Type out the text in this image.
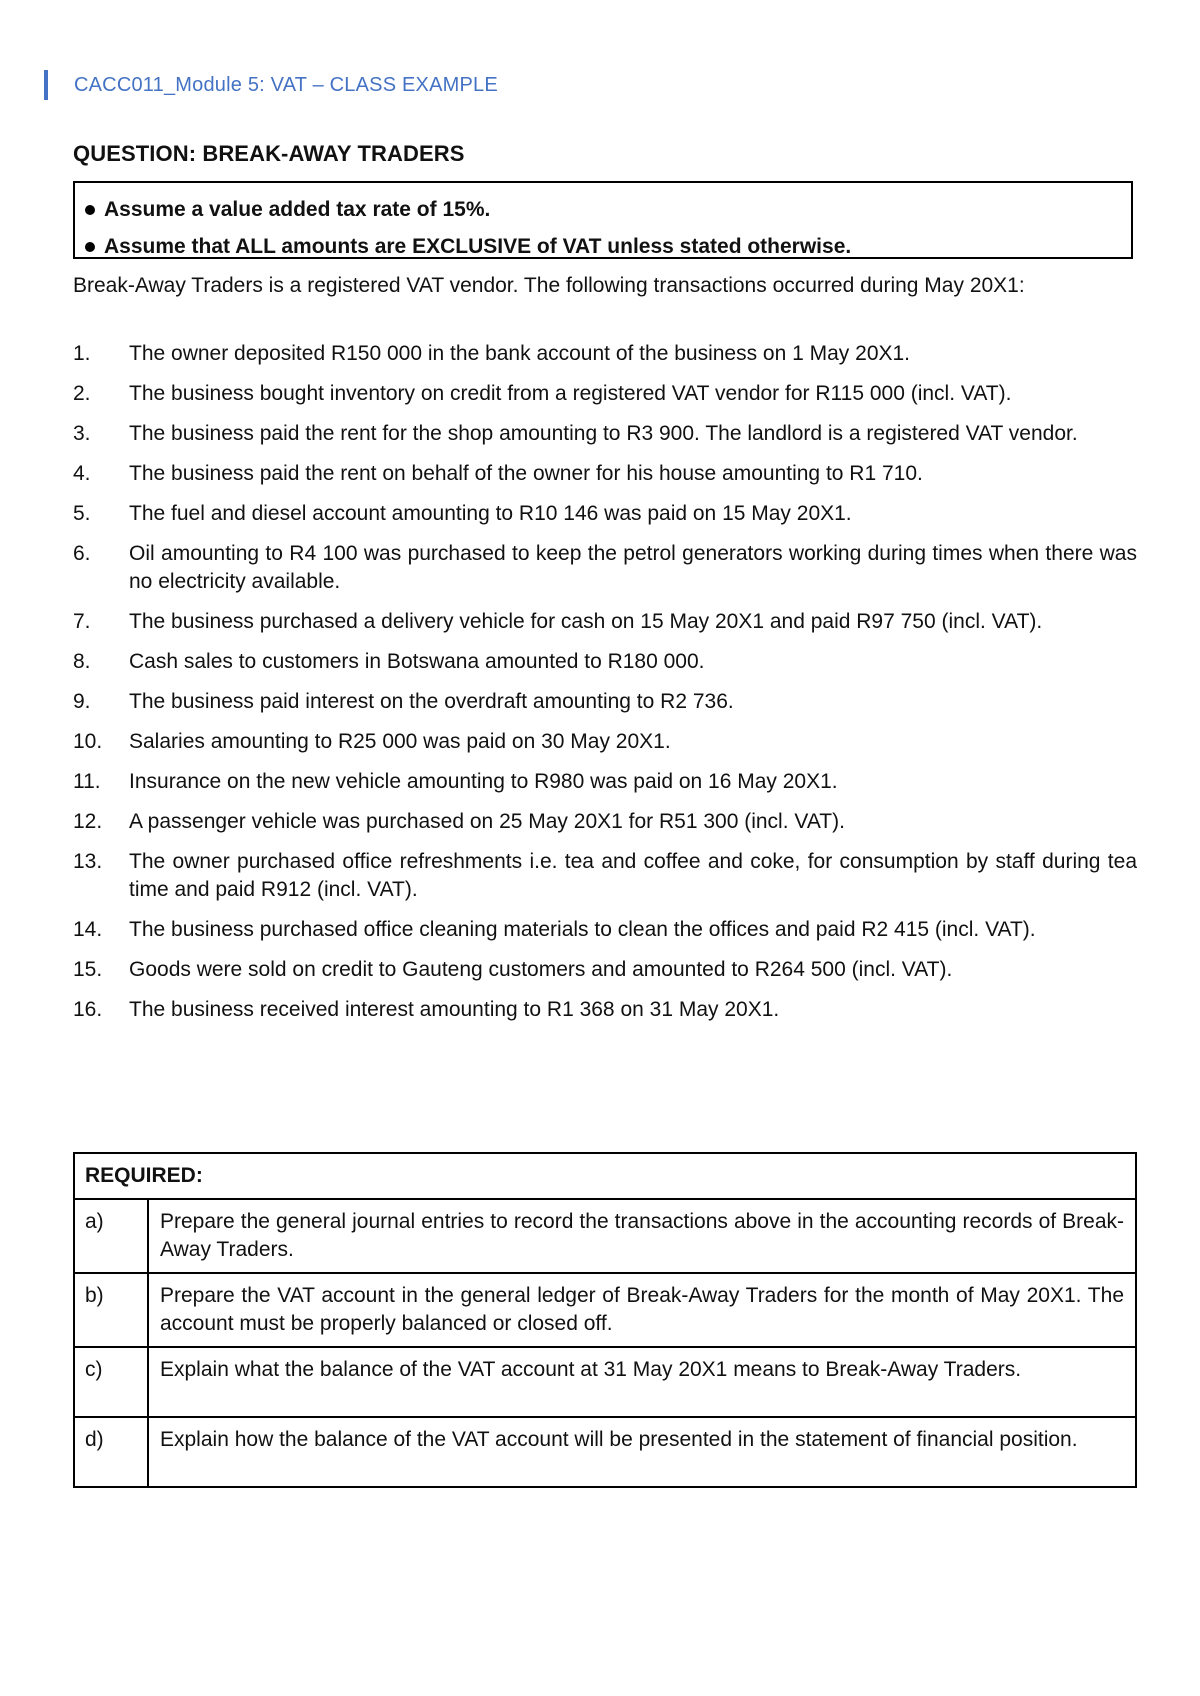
CACC011_Module 5: VAT – CLASS EXAMPLE
QUESTION: BREAK-AWAY TRADERS
Assume a value added tax rate of 15%.
Assume that ALL amounts are EXCLUSIVE of VAT unless stated otherwise.
Break-Away Traders is a registered VAT vendor. The following transactions occurred during May 20X1:
1.	The owner deposited R150 000 in the bank account of the business on 1 May 20X1.
2.	The business bought inventory on credit from a registered VAT vendor for R115 000 (incl. VAT).
3.	The business paid the rent for the shop amounting to R3 900. The landlord is a registered VAT vendor.
4.	The business paid the rent on behalf of the owner for his house amounting to R1 710.
5.	The fuel and diesel account amounting to R10 146 was paid on 15 May 20X1.
6.	Oil amounting to R4 100 was purchased to keep the petrol generators working during times when there was no electricity available.
7.	The business purchased a delivery vehicle for cash on 15 May 20X1 and paid R97 750 (incl. VAT).
8.	Cash sales to customers in Botswana amounted to R180 000.
9.	The business paid interest on the overdraft amounting to R2 736.
10.	Salaries amounting to R25 000 was paid on 30 May 20X1.
11.	Insurance on the new vehicle amounting to R980 was paid on 16 May 20X1.
12.	A passenger vehicle was purchased on 25 May 20X1 for R51 300 (incl. VAT).
13.	The owner purchased office refreshments i.e. tea and coffee and coke, for consumption by staff during tea time and paid R912 (incl. VAT).
14.	The business purchased office cleaning materials to clean the offices and paid R2 415 (incl. VAT).
15.	Goods were sold on credit to Gauteng customers and amounted to R264 500 (incl. VAT).
16.	The business received interest amounting to R1 368 on 31 May 20X1.
REQUIRED:	
a)	Prepare the general journal entries to record the transactions above in the accounting records of Break-Away Traders.
b)	Prepare the VAT account in the general ledger of Break-Away Traders for the month of May 20X1. The account must be properly balanced or closed off.
c)	Explain what the balance of the VAT account at 31 May 20X1 means to Break-Away Traders.
d)	Explain how the balance of the VAT account will be presented in the statement of financial position.
